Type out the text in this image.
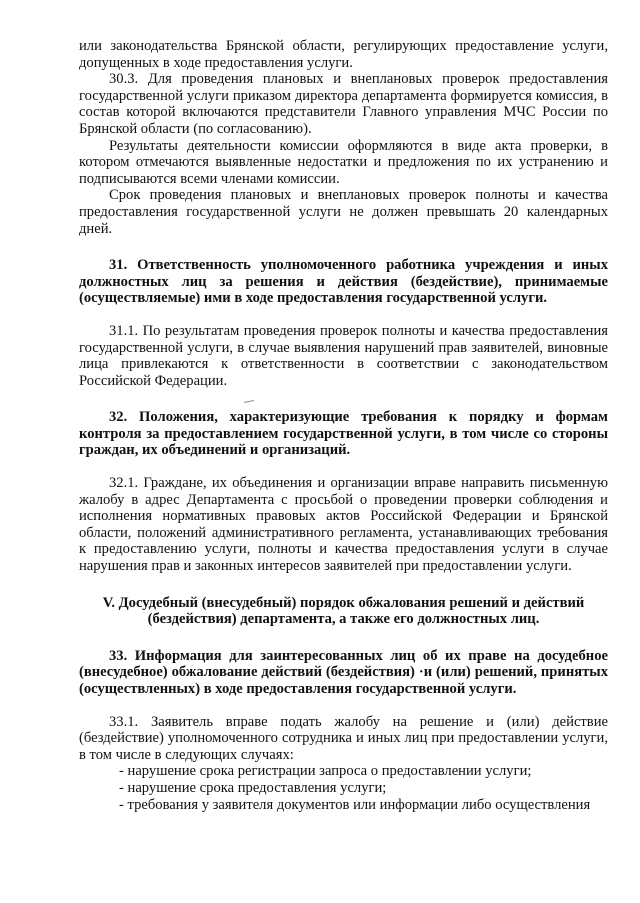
или законодательства Брянской области, регулирующих предоставление услуги, допущенных в ходе предоставления услуги.

30.3. Для проведения плановых и внеплановых проверок предоставления государственной услуги приказом директора департамента формируется комиссия, в состав которой включаются представители Главного управления МЧС России по Брянской области (по согласованию).

Результаты деятельности комиссии оформляются в виде акта проверки, в котором отмечаются выявленные недостатки и предложения по их устранению и подписываются всеми членами комиссии.

Срок проведения плановых и внеплановых проверок полноты и качества предоставления государственной услуги не должен превышать 20 календарных дней.

31. Ответственность уполномоченного работника учреждения и иных должностных лиц за решения и действия (бездействие), принимаемые (осуществляемые) ими в ходе предоставления государственной услуги.

31.1. По результатам проведения проверок полноты и качества предоставления государственной услуги, в случае выявления нарушений прав заявителей, виновные лица привлекаются к ответственности в соответствии с законодательством Российской Федерации.

32. Положения, характеризующие требования к порядку и формам контроля за предоставлением государственной услуги, в том числе со стороны граждан, их объединений и организаций.

32.1. Граждане, их объединения и организации вправе направить письменную жалобу в адрес Департамента с просьбой о проведении проверки соблюдения и исполнения нормативных правовых актов Российской Федерации и Брянской области, положений административного регламента, устанавливающих требования к предоставлению услуги, полноты и качества предоставления услуги в случае нарушения прав и законных интересов заявителей при предоставлении услуги.

V. Досудебный (внесудебный) порядок обжалования решений и действий (бездействия) департамента, а также его должностных лиц.

33. Информация для заинтересованных лиц об их праве на досудебное (внесудебное) обжалование действий (бездействия) ·и (или) решений, принятых (осуществленных) в ходе предоставления государственной услуги.

33.1. Заявитель вправе подать жалобу на решение и (или) действие (бездействие) уполномоченного сотрудника и иных лиц при предоставлении услуги, в том числе в следующих случаях:

- нарушение срока регистрации запроса о предоставлении услуги;
- нарушение срока предоставления услуги;
- требования у заявителя документов или информации либо осуществления
